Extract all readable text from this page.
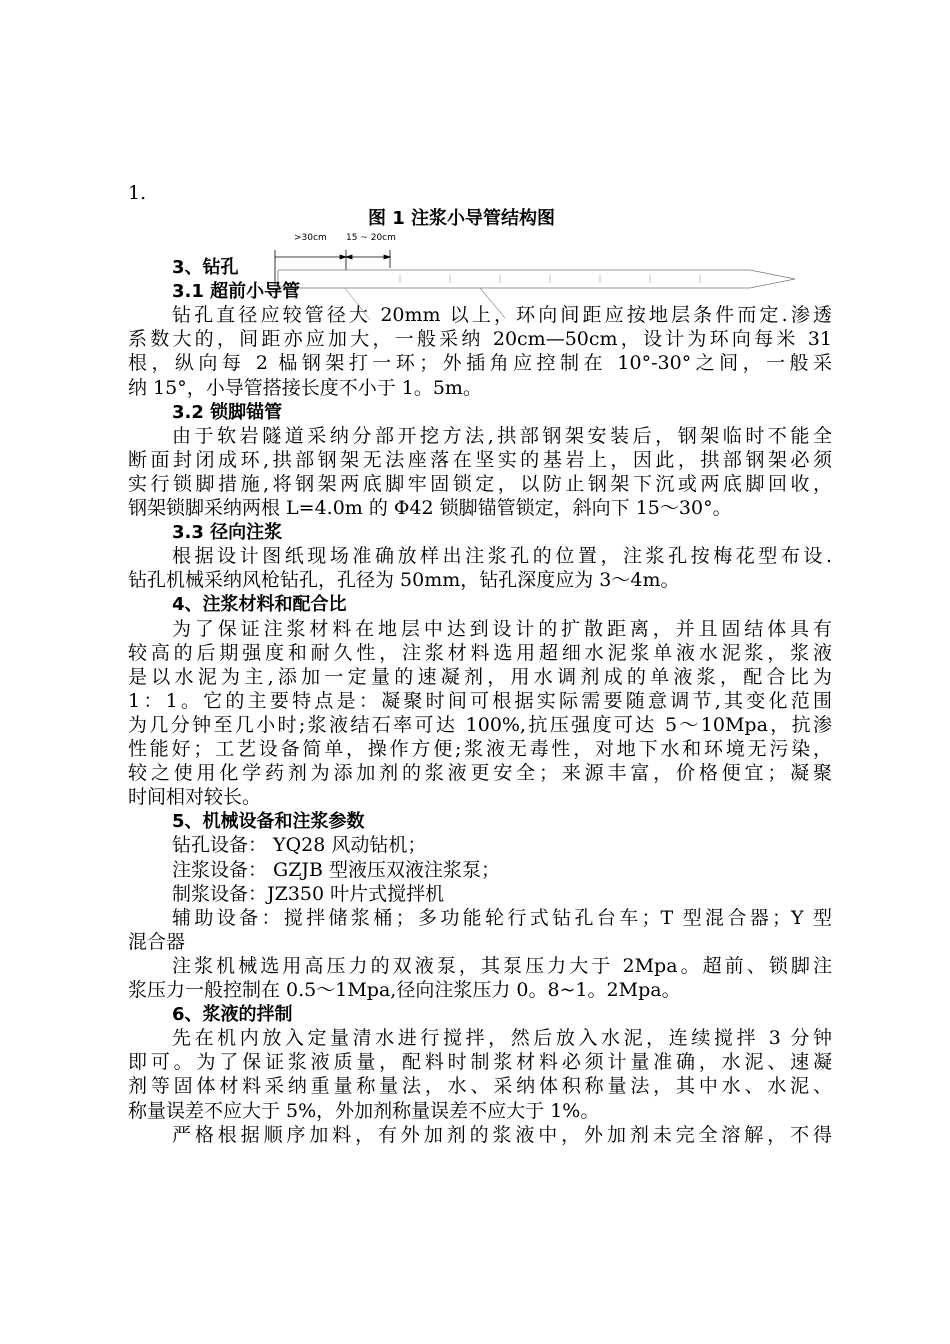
1.
图 1 注浆小导管结构图
>30cm 15 ~ 20cm
3、钻孔
3.1 超前小导管
钻孔直径应较管径大 20mm 以上，环向间距应按地层条件而定.渗透
系数大的，间距亦应加大，一般采纳 20cm—50cm，设计为环向每米 31
根，纵向每 2 榀钢架打一环；外插角应控制在 10°-30°之间，一般采
纳 15°，小导管搭接长度不小于 1。5m。
3.2 锁脚锚管
由于软岩隧道采纳分部开挖方法,拱部钢架安装后，钢架临时不能全
断面封闭成环,拱部钢架无法座落在坚实的基岩上，因此，拱部钢架必须
实行锁脚措施,将钢架两底脚牢固锁定，以防止钢架下沉或两底脚回收，
钢架锁脚采纳两根 L=4.0m 的 Φ42 锁脚锚管锁定，斜向下 15～30°。
3.3 径向注浆
根据设计图纸现场准确放样出注浆孔的位置，注浆孔按梅花型布设.
钻孔机械采纳风枪钻孔，孔径为 50mm，钻孔深度应为 3～4m。
4、注浆材料和配合比
为了保证注浆材料在地层中达到设计的扩散距离，并且固结体具有
较高的后期强度和耐久性，注浆材料选用超细水泥浆单液水泥浆，浆液
是以水泥为主,添加一定量的速凝剂，用水调剂成的单液浆，配合比为
1：1。它的主要特点是：凝聚时间可根据实际需要随意调节,其变化范围
为几分钟至几小时;浆液结石率可达 100%,抗压强度可达 5～10Mpa，抗渗
性能好；工艺设备简单，操作方便;浆液无毒性，对地下水和环境无污染，
较之使用化学药剂为添加剂的浆液更安全；来源丰富，价格便宜；凝聚
时间相对较长。
5、机械设备和注浆参数
钻孔设备： YQ28 风动钻机；
注浆设备： GZJB 型液压双液注浆泵；
制浆设备：JZ350 叶片式搅拌机
辅助设备：搅拌储浆桶；多功能轮行式钻孔台车；T 型混合器；Y 型
混合器
注浆机械选用高压力的双液泵，其泵压力大于 2Mpa。超前、锁脚注
浆压力一般控制在 0.5～1Mpa,径向注浆压力 0。8~1。2Mpa。
6、浆液的拌制
先在机内放入定量清水进行搅拌，然后放入水泥，连续搅拌 3 分钟
即可。为了保证浆液质量，配料时制浆材料必须计量准确，水泥、速凝
剂等固体材料采纳重量称量法，水、采纳体积称量法，其中水、水泥、
称量误差不应大于 5%，外加剂称量误差不应大于 1%。
严格根据顺序加料，有外加剂的浆液中，外加剂未完全溶解，不得
